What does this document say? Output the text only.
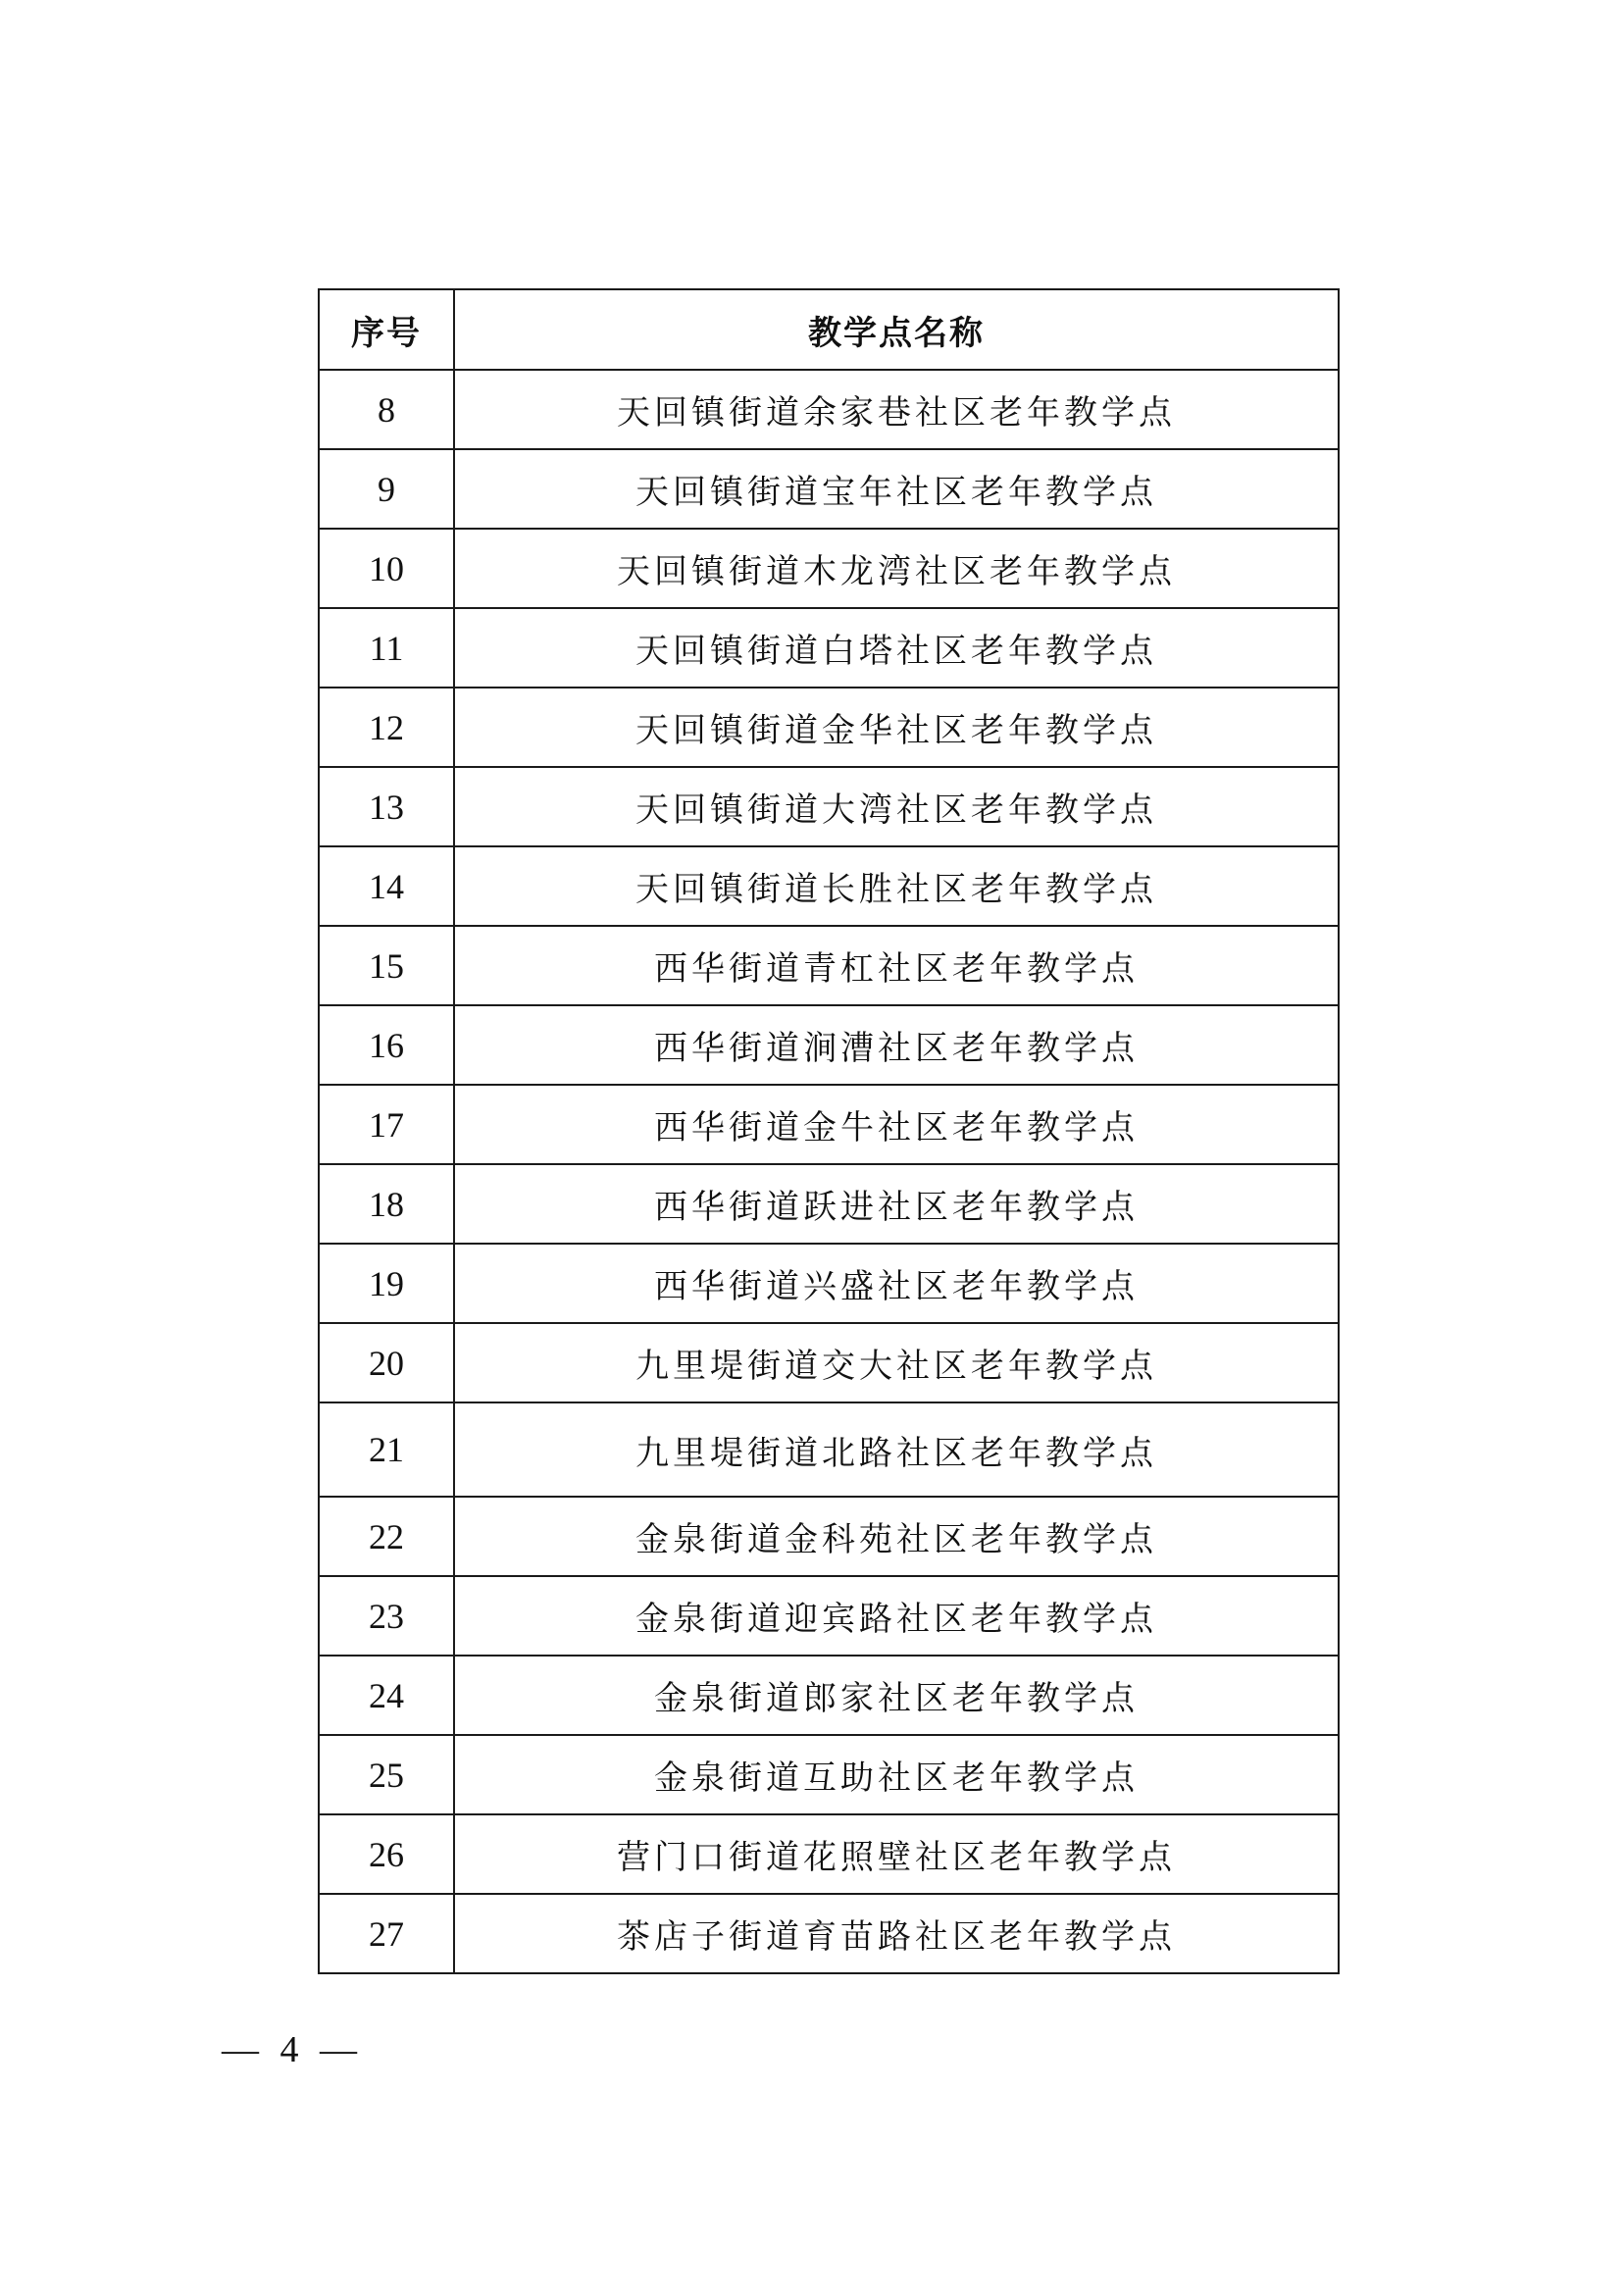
序号	教学点名称
8	天回镇街道余家巷社区老年教学点
9	天回镇街道宝年社区老年教学点
10	天回镇街道木龙湾社区老年教学点
11	天回镇街道白塔社区老年教学点
12	天回镇街道金华社区老年教学点
13	天回镇街道大湾社区老年教学点
14	天回镇街道长胜社区老年教学点
15	西华街道青杠社区老年教学点
16	西华街道涧漕社区老年教学点
17	西华街道金牛社区老年教学点
18	西华街道跃进社区老年教学点
19	西华街道兴盛社区老年教学点
20	九里堤街道交大社区老年教学点
21	九里堤街道北路社区老年教学点
22	金泉街道金科苑社区老年教学点
23	金泉街道迎宾路社区老年教学点
24	金泉街道郎家社区老年教学点
25	金泉街道互助社区老年教学点
26	营门口街道花照壁社区老年教学点
27	茶店子街道育苗路社区老年教学点
— 4 —
